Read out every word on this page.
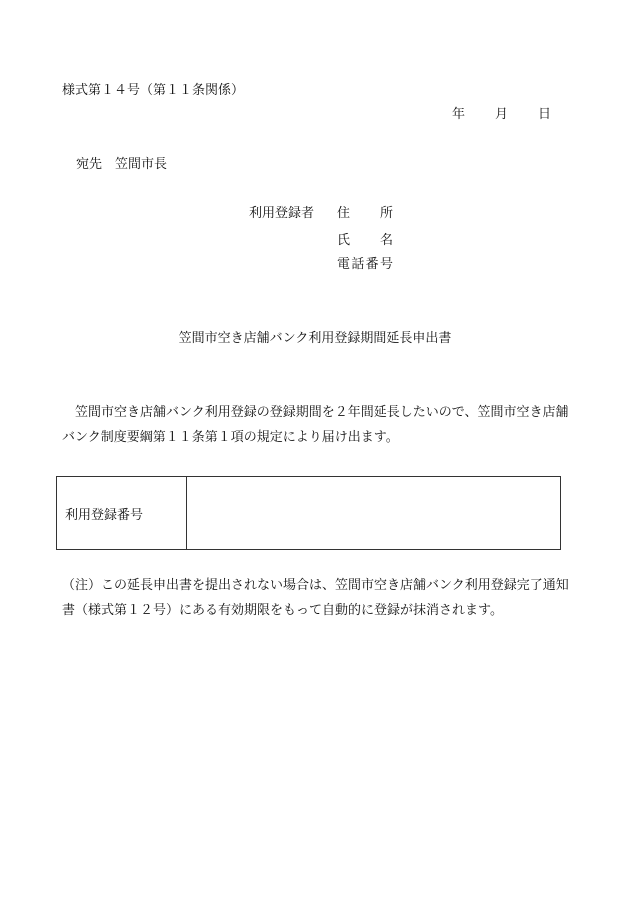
様式第１４号（第１１条関係）
年 月 日
宛先　笠間市長
利用登録者 住所
氏名
電話番号
笠間市空き店舗バンク利用登録期間延長申出書
笠間市空き店舗バンク利用登録の登録期間を２年間延長したいので、笠間市空き店舗バンク制度要綱第１１条第１項の規定により届け出ます。
利用登録番号
（注）この延長申出書を提出されない場合は、笠間市空き店舗バンク利用登録完了通知書（様式第１２号）にある有効期限をもって自動的に登録が抹消されます。
